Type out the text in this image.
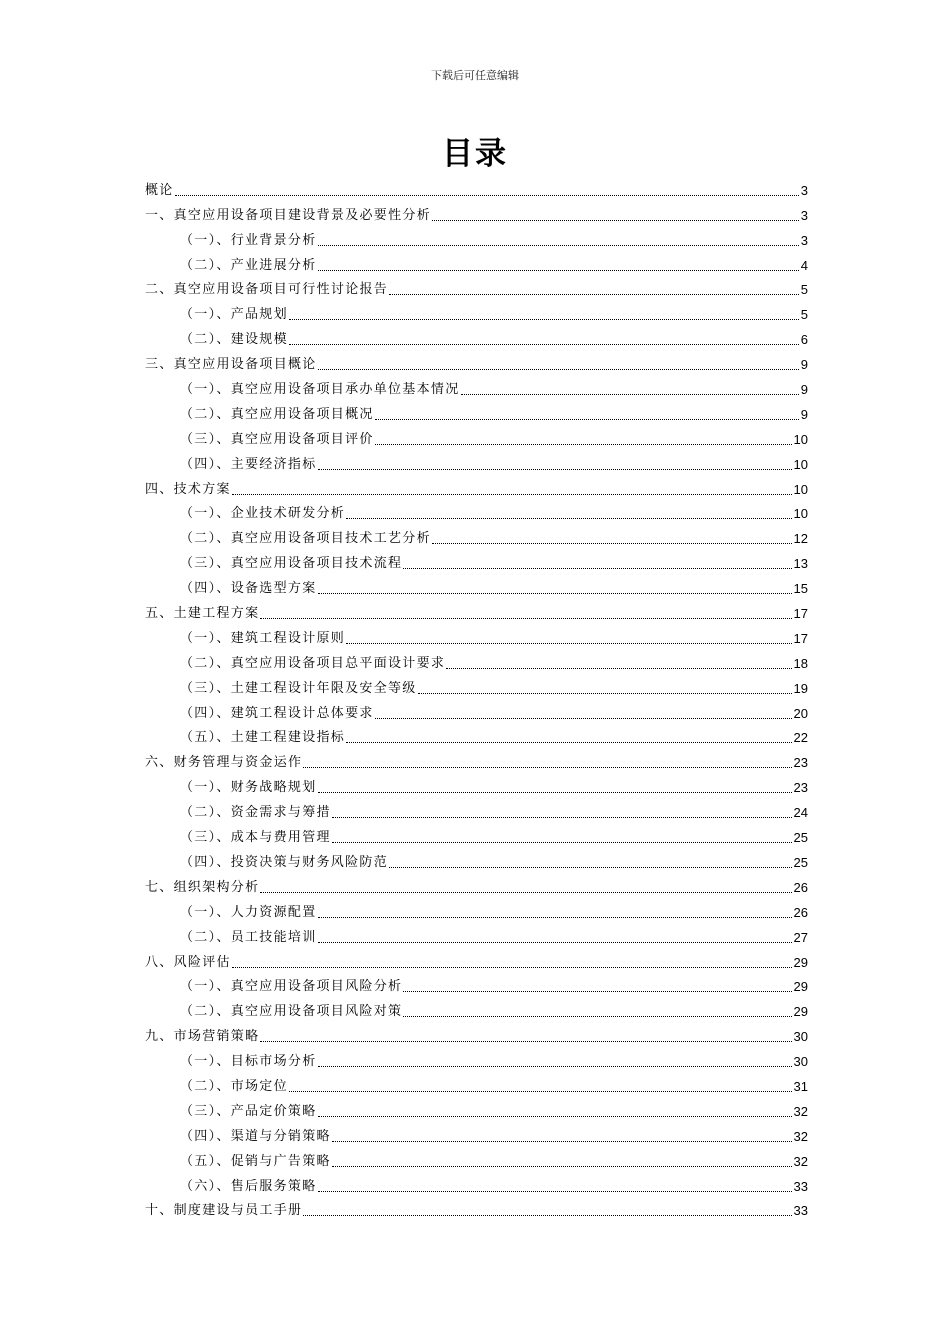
下载后可任意编辑
目录
概论	3
一、真空应用设备项目建设背景及必要性分析	3
（一）、行业背景分析	3
（二）、产业进展分析	4
二、真空应用设备项目可行性讨论报告	5
（一）、产品规划	5
（二）、建设规模	6
三、真空应用设备项目概论	9
（一）、真空应用设备项目承办单位基本情况	9
（二）、真空应用设备项目概况	9
（三）、真空应用设备项目评价	10
（四）、主要经济指标	10
四、技术方案	10
（一）、企业技术研发分析	10
（二）、真空应用设备项目技术工艺分析	12
（三）、真空应用设备项目技术流程	13
（四）、设备选型方案	15
五、土建工程方案	17
（一）、建筑工程设计原则	17
（二）、真空应用设备项目总平面设计要求	18
（三）、土建工程设计年限及安全等级	19
（四）、建筑工程设计总体要求	20
（五）、土建工程建设指标	22
六、财务管理与资金运作	23
（一）、财务战略规划	23
（二）、资金需求与筹措	24
（三）、成本与费用管理	25
（四）、投资决策与财务风险防范	25
七、组织架构分析	26
（一）、人力资源配置	26
（二）、员工技能培训	27
八、风险评估	29
（一）、真空应用设备项目风险分析	29
（二）、真空应用设备项目风险对策	29
九、市场营销策略	30
（一）、目标市场分析	30
（二）、市场定位	31
（三）、产品定价策略	32
（四）、渠道与分销策略	32
（五）、促销与广告策略	32
（六）、售后服务策略	33
十、制度建设与员工手册	33
